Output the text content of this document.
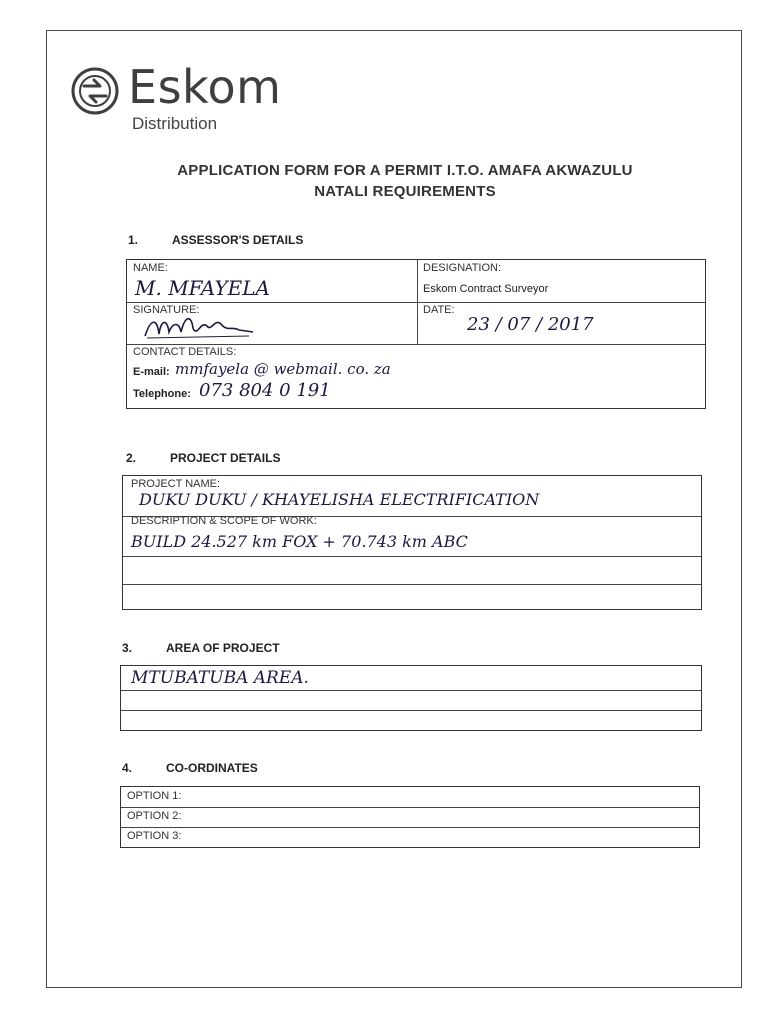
Eskom
Distribution
APPLICATION FORM FOR A PERMIT I.T.O. AMAFA AKWAZULU
NATALI REQUIREMENTS
1.	ASSESSOR'S DETAILS
NAME:
M. MFAYELA
DESIGNATION:
Eskom Contract Surveyor
SIGNATURE:	DATE:
23 / 07 / 2017
CONTACT DETAILS:
E-mail: mmfayela @ webmail. co. za
Telephone: 073 804 0 191
2.	PROJECT DETAILS
PROJECT NAME:
DUKU DUKU / KHAYELISHA ELECTRIFICATION
DESCRIPTION & SCOPE OF WORK:
BUILD 24.527 km FOX + 70.743 km ABC
3.	AREA OF PROJECT
MTUBATUBA AREA.
4.	CO-ORDINATES
OPTION 1:
OPTION 2:
OPTION 3:
